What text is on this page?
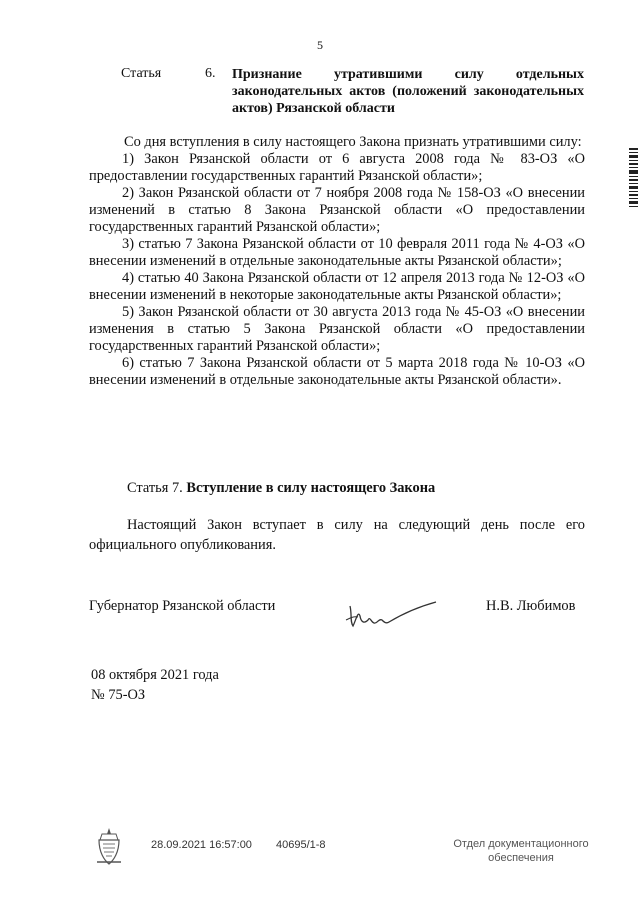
5
Статья	6. Признание утратившими силу отдельных законодательных актов (положений законодательных актов) Рязанской области

Со дня вступления в силу настоящего Закона признать утратившими силу:

1) Закон Рязанской области от 6 августа 2008 года № 83-ОЗ «О предоставлении государственных гарантий Рязанской области»;

2) Закон Рязанской области от 7 ноября 2008 года № 158-ОЗ «О внесении изменений в статью 8 Закона Рязанской области «О предоставлении государственных гарантий Рязанской области»;

3) статью 7 Закона Рязанской области от 10 февраля 2011 года № 4-ОЗ «О внесении изменений в отдельные законодательные акты Рязанской области»;

4) статью 40 Закона Рязанской области от 12 апреля 2013 года № 12-ОЗ «О внесении изменений в некоторые законодательные акты Рязанской области»;

5) Закон Рязанской области от 30 августа 2013 года № 45-ОЗ «О внесении изменения в статью 5 Закона Рязанской области «О предоставлении государственных гарантий Рязанской области»;

6) статью 7 Закона Рязанской области от 5 марта 2018 года № 10-ОЗ «О внесении изменений в отдельные законодательные акты Рязанской области».

Статья 7. Вступление в силу настоящего Закона
Настоящий Закон вступает в силу на следующий день после его официального опубликования.
Губернатор Рязанской области	Н.В. Любимов
08 октября 2021 года
№ 75-ОЗ
28.09.2021 16:57:00 40695/1-8	Отдел документационного
обеспечения
